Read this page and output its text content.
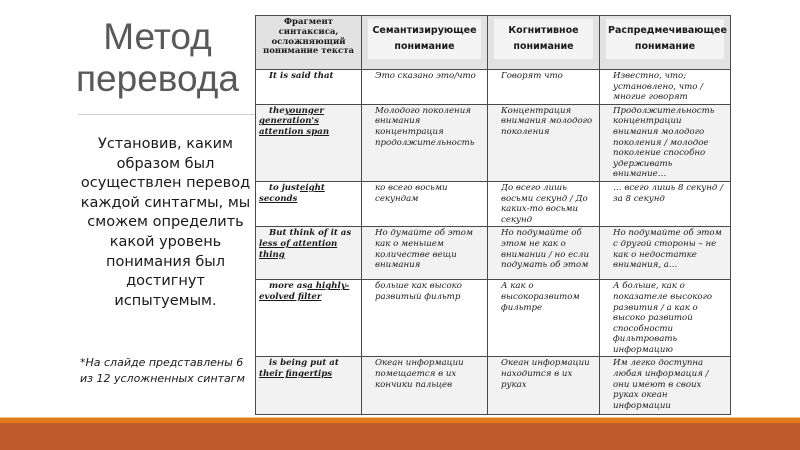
Метод
перевода
Установив, каким образом был осуществлен перевод каждой синтагмы, мы сможем определить какой уровень понимания был достигнут испытуемым.
*На слайде представлены 6 из 12 усложненных синтагм
Фрагмент синтаксиса, осложняющий понимание текста	Семантизирующее понимание	Когнитивное понимание	Распредмечивающее понимание

It is said that	Это сказано это/что	Говорят что	Известно, что; установлено, что / многие говорят
theyounger generation's attention span	Молодого поколения внимания концентрация продолжительность	Концентрация внимания молодого поколения	Продолжительность концентрации внимания молодого поколения / молодое поколение способно удерживать внимание…
to justeight seconds	ко всего восьми секундам	До всего лишь восьми секунд / До каких-то восьми секунд	… всего лишь 8 секунд / за 8 секунд
But think of it asless of attention thing	Но думайте об этом как о меньшем количестве вещи внимания	Но подумайте об этом не как о внимании / но если подумать об этом	Но подумайте об этом с другой стороны – не как о недостатке внимания, а…
more asa highly-evolved filter	больше как высоко развитый фильтр	А как о высокоразвитом фильтре	А больше, как о показателе высокого развития / а как о высоко развитой способности фильтровать информацию
is being put attheir fingertips	Океан информации помещается в их кончики пальцев	Океан информации находится в их руках	Им легко доступна любая информация / они имеют в своих руках океан информации
